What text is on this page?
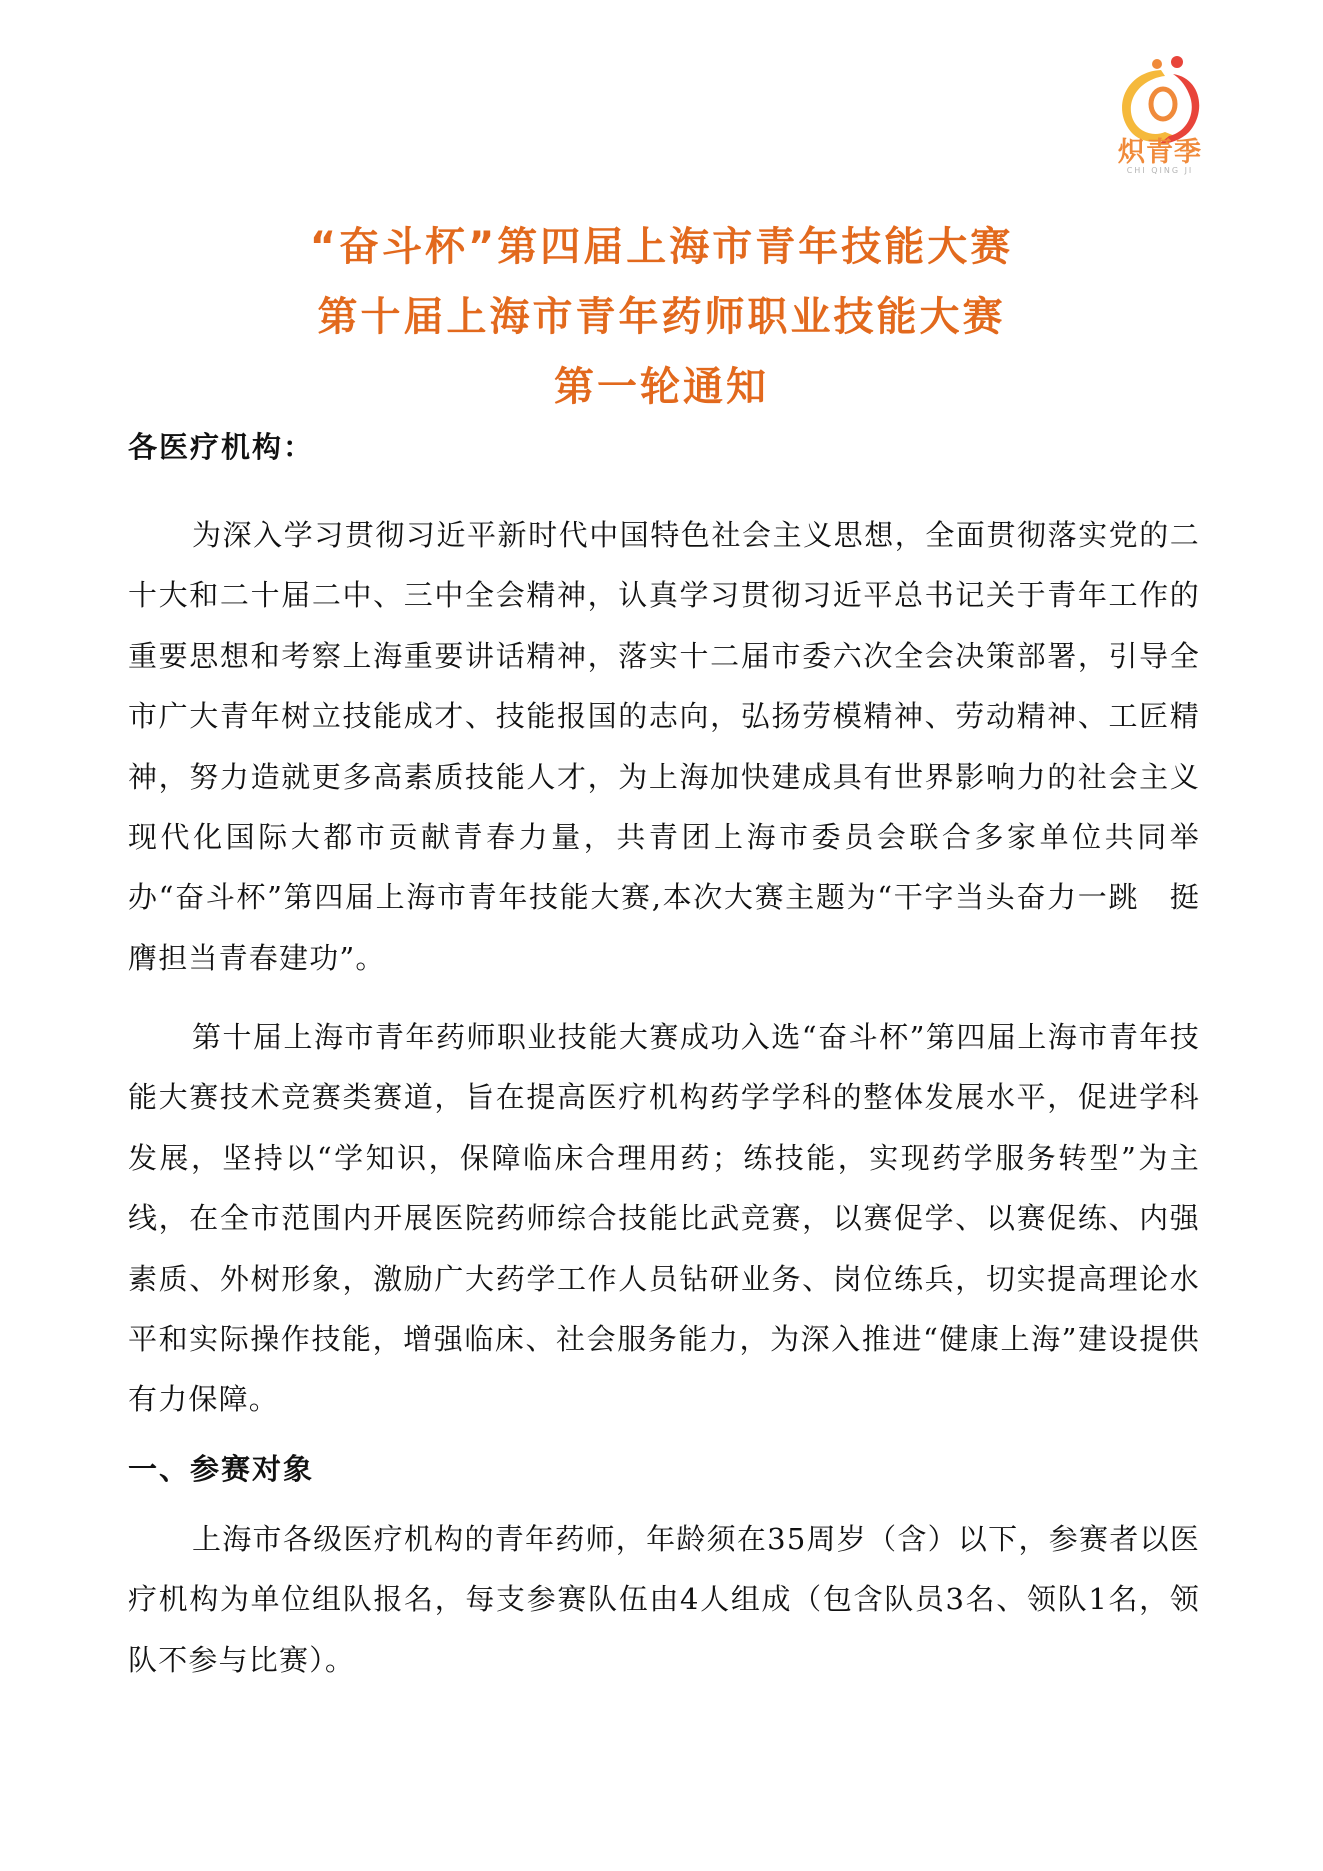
炽青季
CHI QING JI
“奋斗杯”第四届上海市青年技能大赛
第十届上海市青年药师职业技能大赛
第一轮通知
各医疗机构：

为深入学习贯彻习近平新时代中国特色社会主义思想，全面贯彻落实党的二十大和二十届二中、三中全会精神，认真学习贯彻习近平总书记关于青年工作的重要思想和考察上海重要讲话精神，落实十二届市委六次全会决策部署，引导全市广大青年树立技能成才、技能报国的志向，弘扬劳模精神、劳动精神、工匠精神，努力造就更多高素质技能人才，为上海加快建成具有世界影响力的社会主义现代化国际大都市贡献青春力量，共青团上海市委员会联合多家单位共同举办“奋斗杯”第四届上海市青年技能大赛,本次大赛主题为“干字当头奋力一跳　挺膺担当青春建功”。

第十届上海市青年药师职业技能大赛成功入选“奋斗杯”第四届上海市青年技能大赛技术竞赛类赛道，旨在提高医疗机构药学学科的整体发展水平，促进学科发展，坚持以“学知识，保障临床合理用药；练技能，实现药学服务转型”为主线，在全市范围内开展医院药师综合技能比武竞赛，以赛促学、以赛促练、内强素质、外树形象，激励广大药学工作人员钻研业务、岗位练兵，切实提高理论水平和实际操作技能，增强临床、社会服务能力，为深入推进“健康上海”建设提供有力保障。

一、参赛对象

上海市各级医疗机构的青年药师，年龄须在35周岁（含）以下，参赛者以医疗机构为单位组队报名，每支参赛队伍由4人组成（包含队员3名、领队1名，领队不参与比赛）。
